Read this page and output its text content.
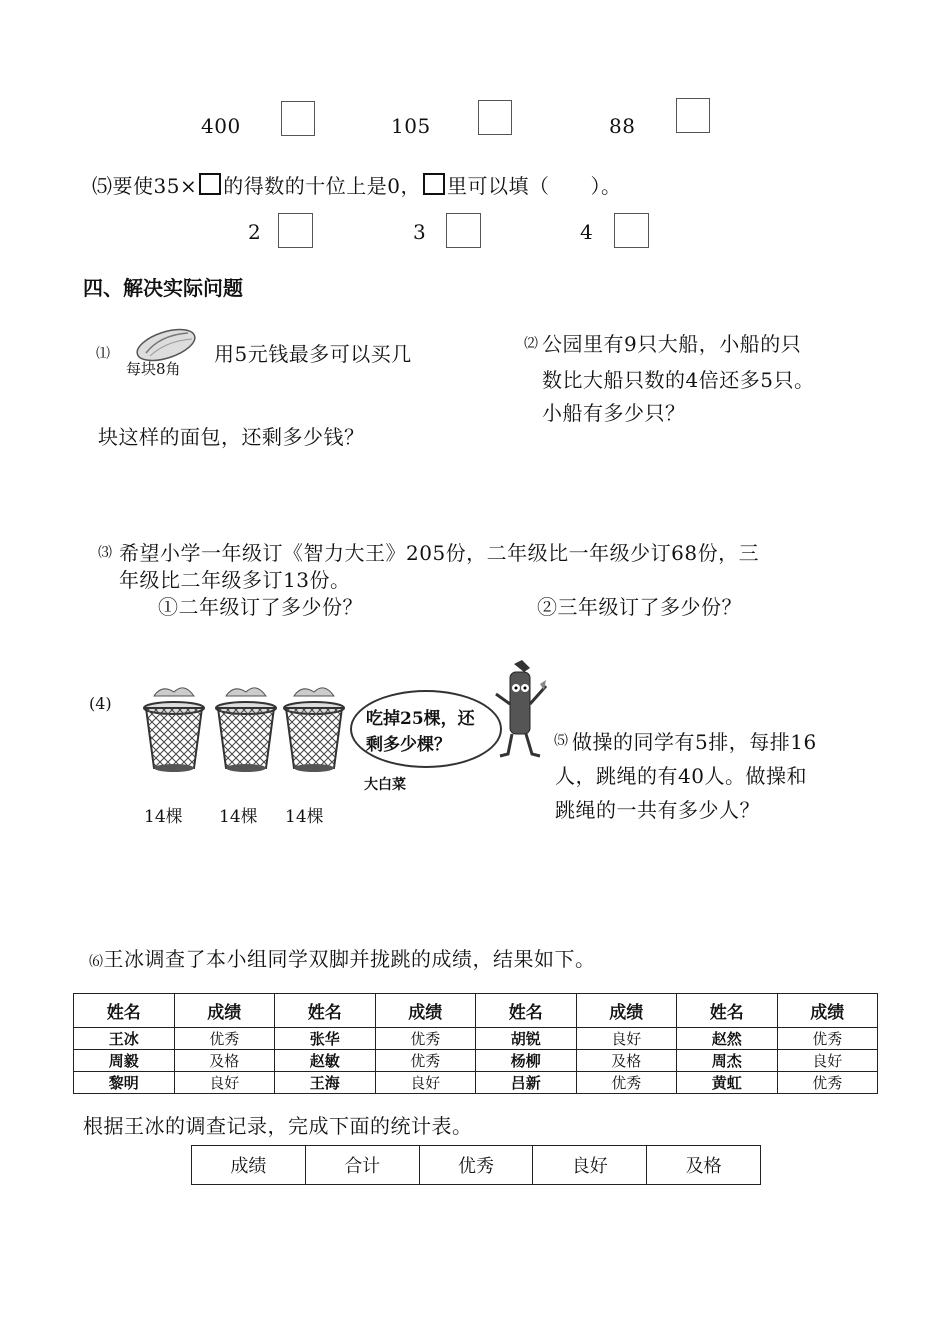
400	105	88
⑸要使35× 的得数的十位上是0， 里可以填（　　）。
2	3	4
四、解决实际问题
⑴
每块8角
用5元钱最多可以买几
块这样的面包，还剩多少钱？
⑵ 公园里有9只大船，小船的只
数比大船只数的4倍还多5只。
小船有多少只？
⑶ 希望小学一年级订《智力大王》205份，二年级比一年级少订68份，三
年级比二年级多订13份。
①二年级订了多少份？	②三年级订了多少份？
(4)
吃掉25棵，还
剩多少棵？
大白菜
14棵 14棵 14棵
⑸ 做操的同学有5排，每排16
人，跳绳的有40人。做操和
跳绳的一共有多少人？
⑹王冰调查了本小组同学双脚并拢跳的成绩，结果如下。
姓名	成绩	姓名	成绩	姓名	成绩	姓名	成绩
王冰	优秀	张华	优秀	胡锐	良好	赵然	优秀
周毅	及格	赵敏	优秀	杨柳	及格	周杰	良好
黎明	良好	王海	良好	吕新	优秀	黄虹	优秀
根据王冰的调查记录，完成下面的统计表。
成绩	合计	优秀	良好	及格
